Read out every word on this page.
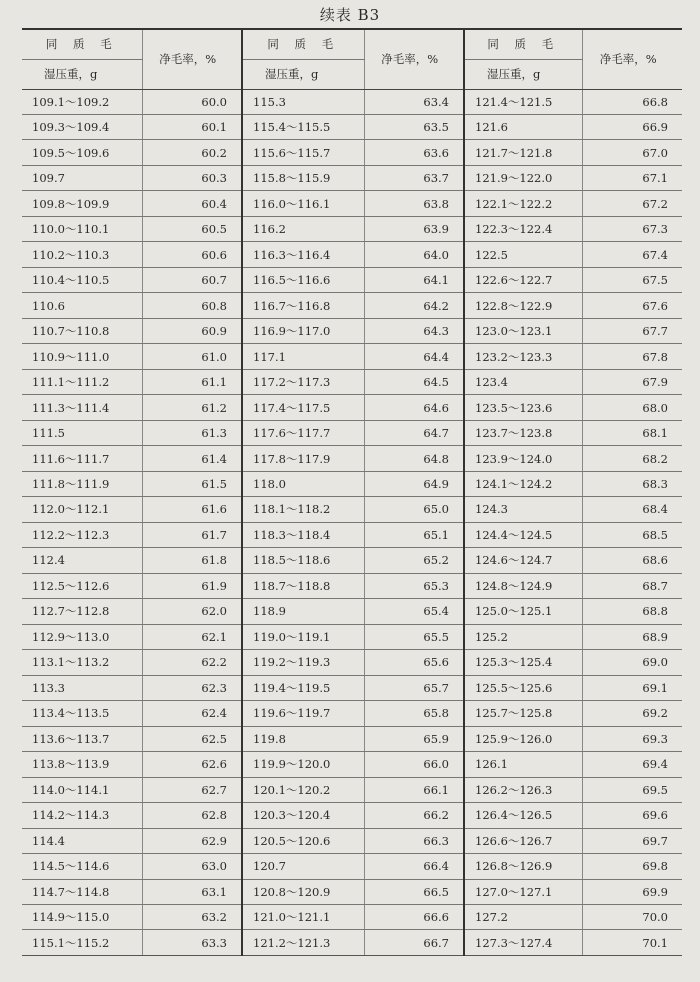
续表 B3
同 质 毛	净毛率，%	同 质 毛	净毛率，%	同 质 毛	净毛率，%
湿压重，g		湿压重，g		湿压重，g	
109.1～109.2	60.0	115.3	63.4	121.4～121.5	66.8
109.3～109.4	60.1	115.4～115.5	63.5	121.6	66.9
109.5～109.6	60.2	115.6～115.7	63.6	121.7～121.8	67.0
109.7	60.3	115.8～115.9	63.7	121.9～122.0	67.1
109.8～109.9	60.4	116.0～116.1	63.8	122.1～122.2	67.2
110.0～110.1	60.5	116.2	63.9	122.3～122.4	67.3
110.2～110.3	60.6	116.3～116.4	64.0	122.5	67.4
110.4～110.5	60.7	116.5～116.6	64.1	122.6～122.7	67.5
110.6	60.8	116.7～116.8	64.2	122.8～122.9	67.6
110.7～110.8	60.9	116.9～117.0	64.3	123.0～123.1	67.7
110.9～111.0	61.0	117.1	64.4	123.2～123.3	67.8
111.1～111.2	61.1	117.2～117.3	64.5	123.4	67.9
111.3～111.4	61.2	117.4～117.5	64.6	123.5～123.6	68.0
111.5	61.3	117.6～117.7	64.7	123.7～123.8	68.1
111.6～111.7	61.4	117.8～117.9	64.8	123.9～124.0	68.2
111.8～111.9	61.5	118.0	64.9	124.1～124.2	68.3
112.0～112.1	61.6	118.1～118.2	65.0	124.3	68.4
112.2～112.3	61.7	118.3～118.4	65.1	124.4～124.5	68.5
112.4	61.8	118.5～118.6	65.2	124.6～124.7	68.6
112.5～112.6	61.9	118.7～118.8	65.3	124.8～124.9	68.7
112.7～112.8	62.0	118.9	65.4	125.0～125.1	68.8
112.9～113.0	62.1	119.0～119.1	65.5	125.2	68.9
113.1～113.2	62.2	119.2～119.3	65.6	125.3～125.4	69.0
113.3	62.3	119.4～119.5	65.7	125.5～125.6	69.1
113.4～113.5	62.4	119.6～119.7	65.8	125.7～125.8	69.2
113.6～113.7	62.5	119.8	65.9	125.9～126.0	69.3
113.8～113.9	62.6	119.9～120.0	66.0	126.1	69.4
114.0～114.1	62.7	120.1～120.2	66.1	126.2～126.3	69.5
114.2～114.3	62.8	120.3～120.4	66.2	126.4～126.5	69.6
114.4	62.9	120.5～120.6	66.3	126.6～126.7	69.7
114.5～114.6	63.0	120.7	66.4	126.8～126.9	69.8
114.7～114.8	63.1	120.8～120.9	66.5	127.0～127.1	69.9
114.9～115.0	63.2	121.0～121.1	66.6	127.2	70.0
115.1～115.2	63.3	121.2～121.3	66.7	127.3～127.4	70.1
